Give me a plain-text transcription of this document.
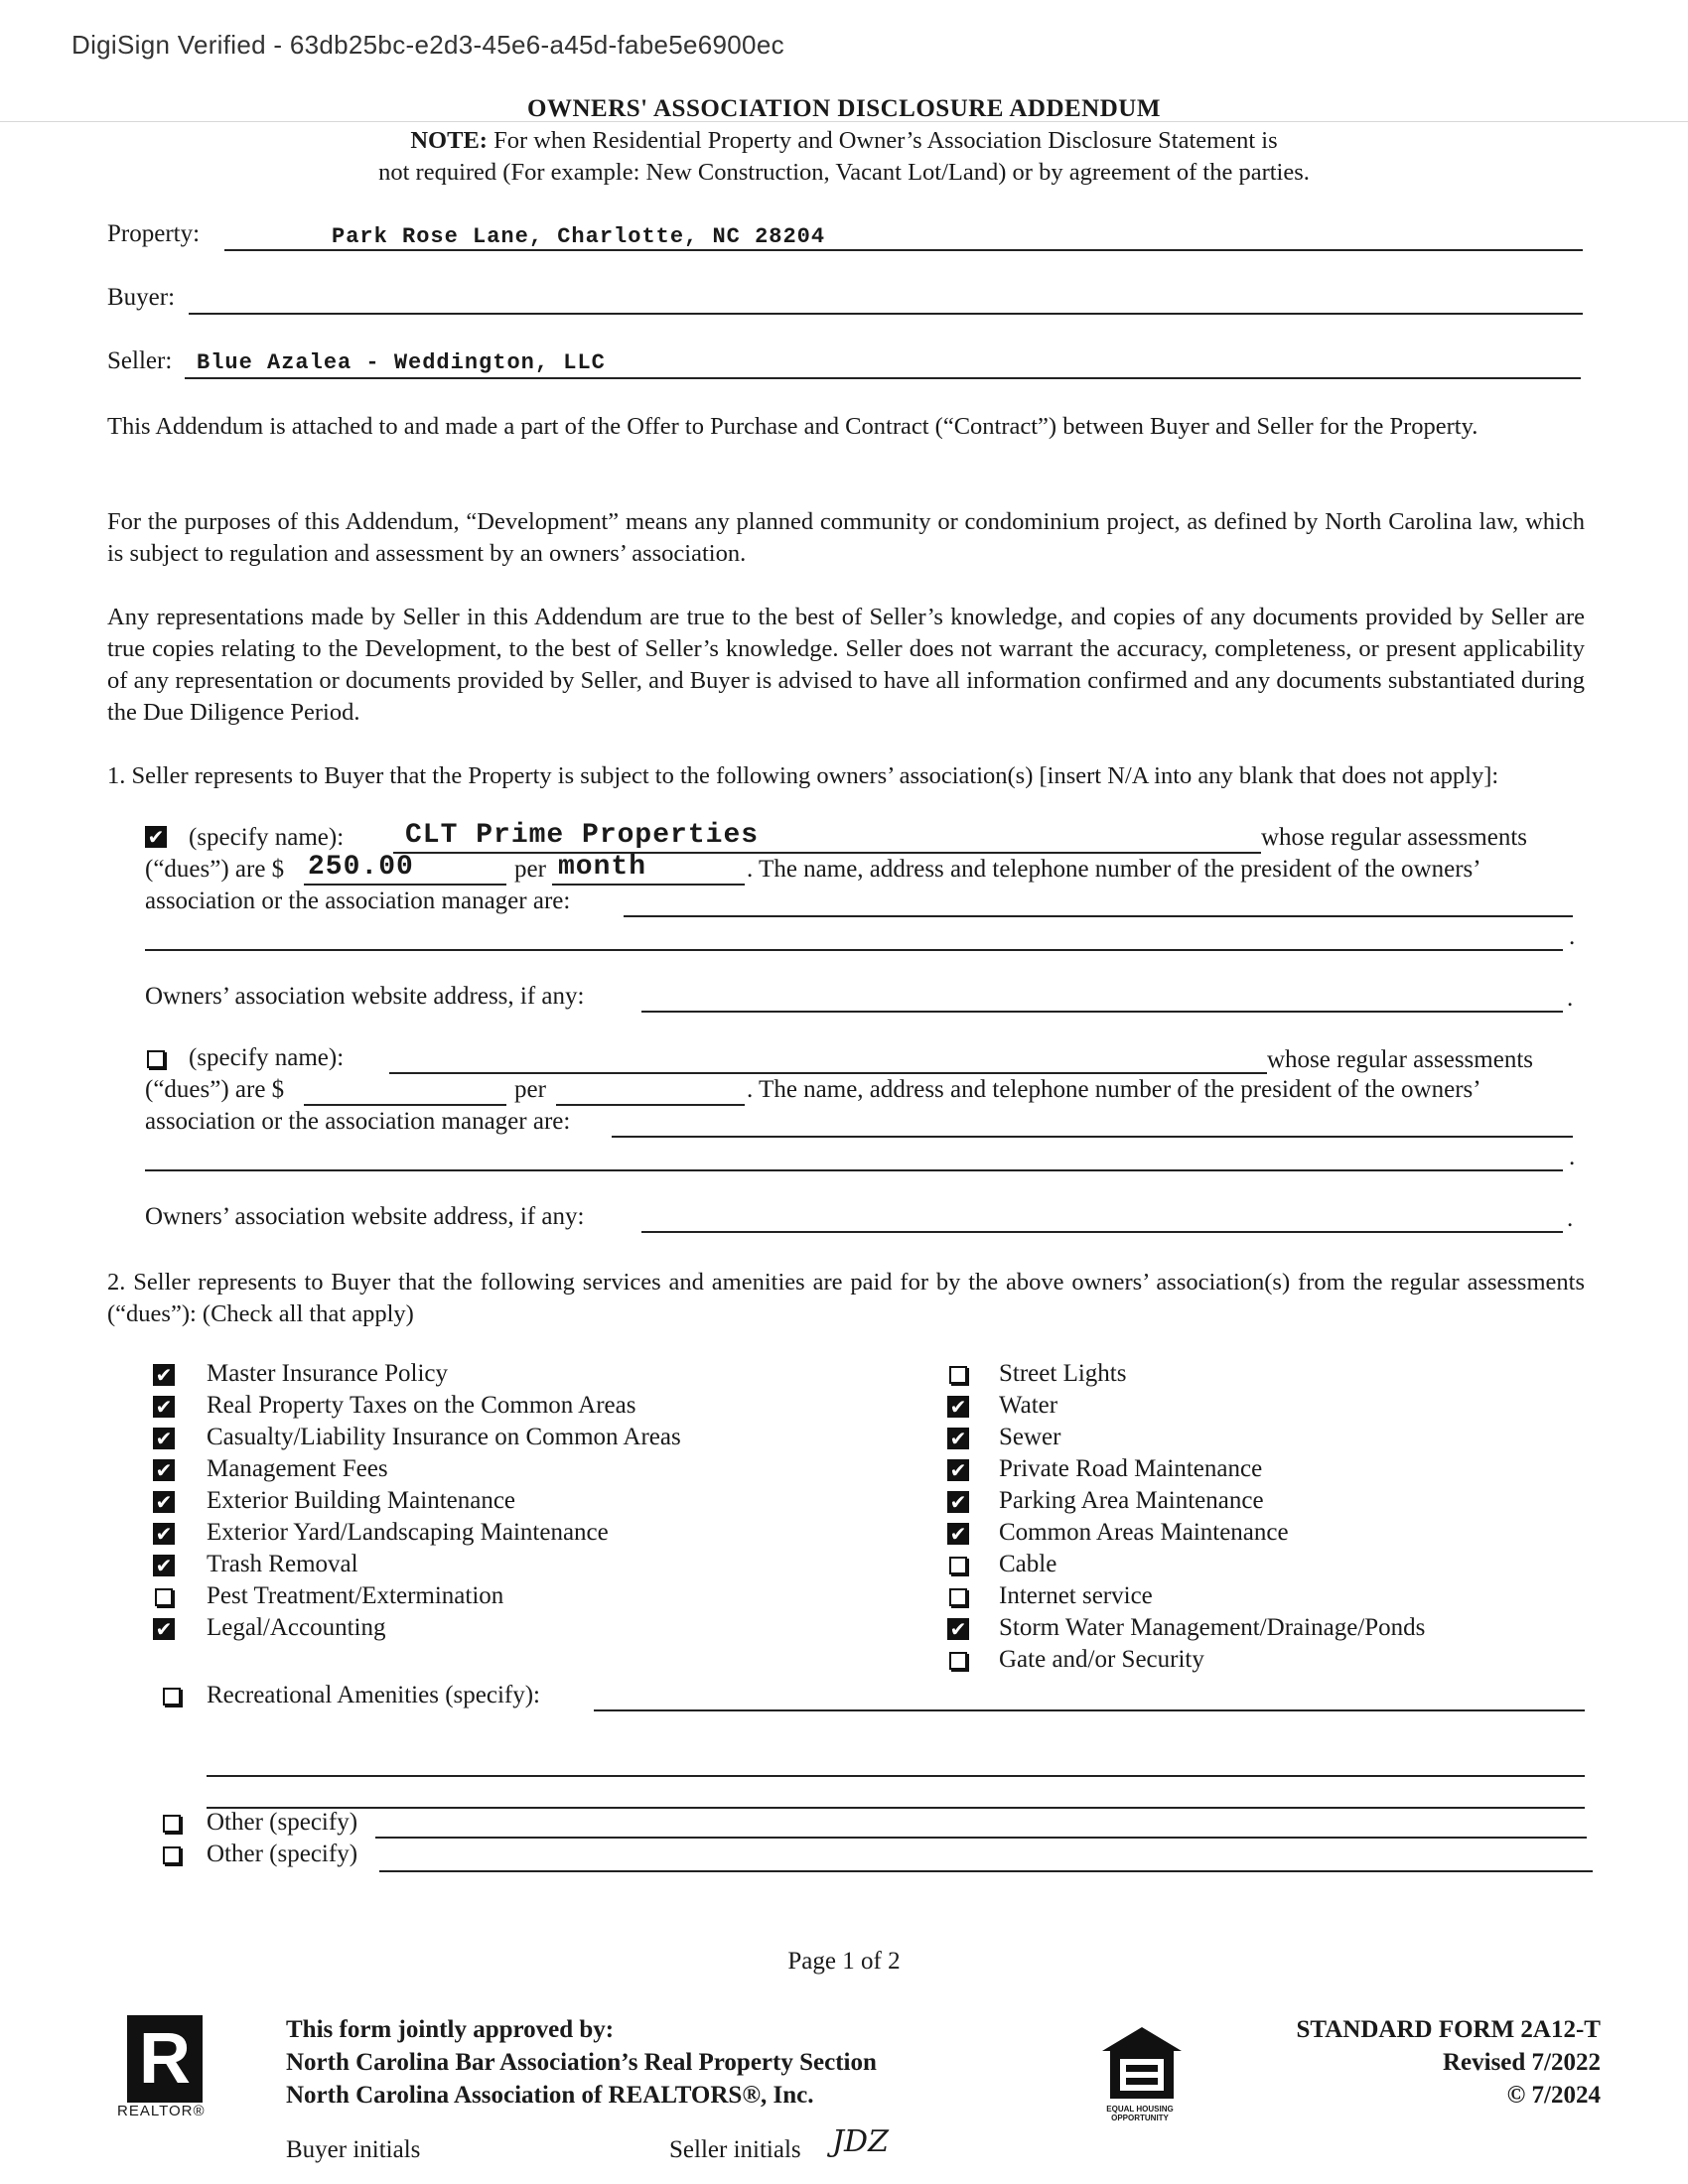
DigiSign Verified - 63db25bc-e2d3-45e6-a45d-fabe5e6900ec
OWNERS' ASSOCIATION DISCLOSURE ADDENDUM
NOTE: For when Residential Property and Owner’s Association Disclosure Statement is
not required (For example: New Construction, Vacant Lot/Land) or by agreement of the parties.
Property:	Park Rose Lane, Charlotte, NC 28204
Buyer:
Seller: Blue Azalea - Weddington, LLC
This Addendum is attached to and made a part of the Offer to Purchase and Contract (“Contract”) between Buyer and Seller for the Property.
For the purposes of this Addendum, “Development” means any planned community or condominium project, as defined by North Carolina law, which is subject to regulation and assessment by an owners’ association.
Any representations made by Seller in this Addendum are true to the best of Seller’s knowledge, and copies of any documents provided by Seller are true copies relating to the Development, to the best of Seller’s knowledge. Seller does not warrant the accuracy, completeness, or present applicability of any representation or documents provided by Seller, and Buyer is advised to have all information confirmed and any documents substantiated during the Due Diligence Period.
1. Seller represents to Buyer that the Property is subject to the following owners’ association(s) [insert N/A into any blank that does not apply]:
✔ (specify name): CLT Prime Properties	whose regular assessments
(“dues”) are $ 250.00	per month	. The name, address and telephone number of the president of the owners’
association or the association manager are:
.
Owners’ association website address, if any:	.
(specify name):	whose regular assessments
(“dues”) are $	per	. The name, address and telephone number of the president of the owners’
association or the association manager are:
.
Owners’ association website address, if any:	.
2. Seller represents to Buyer that the following services and amenities are paid for by the above owners’ association(s) from the regular assessments (“dues”): (Check all that apply)
✔ Master Insurance Policy
✔ Real Property Taxes on the Common Areas
✔ Casualty/Liability Insurance on Common Areas
✔ Management Fees
✔ Exterior Building Maintenance
✔ Exterior Yard/Landscaping Maintenance
✔ Trash Removal
Pest Treatment/Extermination
✔ Legal/Accounting
Street Lights
✔ Water
✔ Sewer
✔ Private Road Maintenance
✔ Parking Area Maintenance
✔ Common Areas Maintenance
Cable
Internet service
✔ Storm Water Management/Drainage/Ponds
Gate and/or Security
Recreational Amenities (specify):
Other (specify)
Other (specify)
Page 1 of 2
R
REALTOR®
This form jointly approved by:
North Carolina Bar Association’s Real Property Section
North Carolina Association of REALTORS®, Inc.
EQUAL HOUSING OPPORTUNITY
STANDARD FORM 2A12-T
Revised 7/2022
© 7/2024
Buyer initials	Seller initials JDZ
